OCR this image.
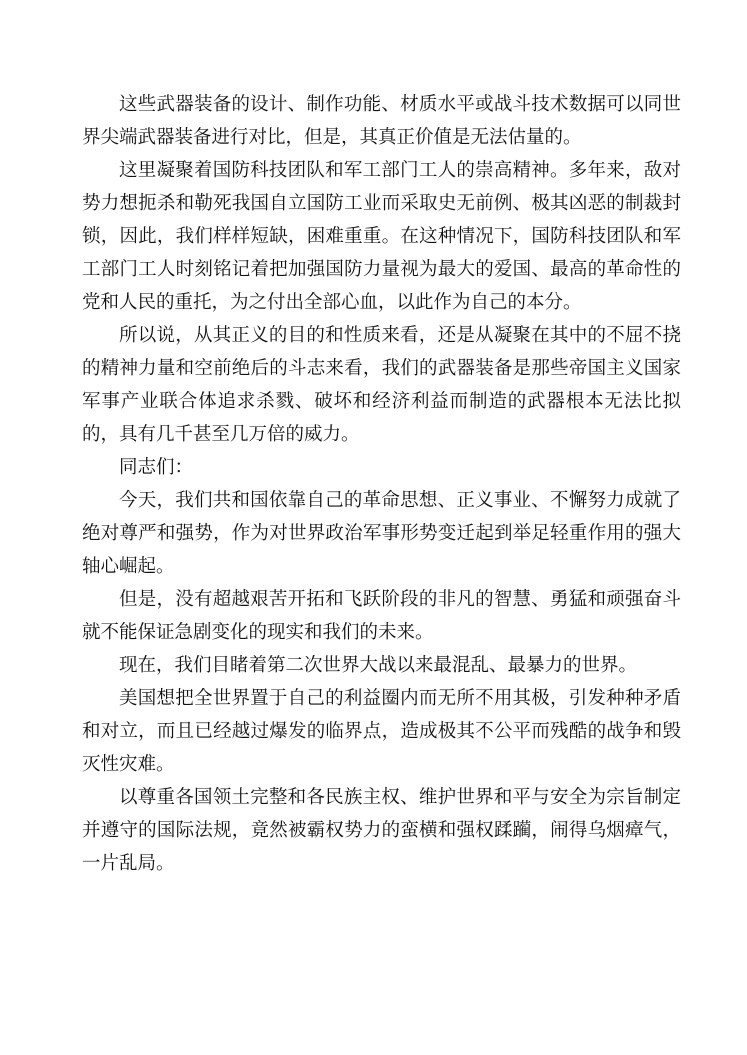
这些武器装备的设计、制作功能、材质水平或战斗技术数据可以同世界尖端武器装备进行对比，但是，其真正价值是无法估量的。

这里凝聚着国防科技团队和军工部门工人的崇高精神。多年来，敌对势力想扼杀和勒死我国自立国防工业而采取史无前例、极其凶恶的制裁封锁，因此，我们样样短缺，困难重重。在这种情况下，国防科技团队和军工部门工人时刻铭记着把加强国防力量视为最大的爱国、最高的革命性的党和人民的重托，为之付出全部心血，以此作为自己的本分。

所以说，从其正义的目的和性质来看，还是从凝聚在其中的不屈不挠的精神力量和空前绝后的斗志来看，我们的武器装备是那些帝国主义国家军事产业联合体追求杀戮、破坏和经济利益而制造的武器根本无法比拟的，具有几千甚至几万倍的威力。

同志们：

今天，我们共和国依靠自己的革命思想、正义事业、不懈努力成就了绝对尊严和强势，作为对世界政治军事形势变迁起到举足轻重作用的强大轴心崛起。

但是，没有超越艰苦开拓和飞跃阶段的非凡的智慧、勇猛和顽强奋斗就不能保证急剧变化的现实和我们的未来。

现在，我们目睹着第二次世界大战以来最混乱、最暴力的世界。

美国想把全世界置于自己的利益圈内而无所不用其极，引发种种矛盾和对立，而且已经越过爆发的临界点，造成极其不公平而残酷的战争和毁灭性灾难。

以尊重各国领土完整和各民族主权、维护世界和平与安全为宗旨制定并遵守的国际法规，竟然被霸权势力的蛮横和强权蹂躏，闹得乌烟瘴气，一片乱局。
